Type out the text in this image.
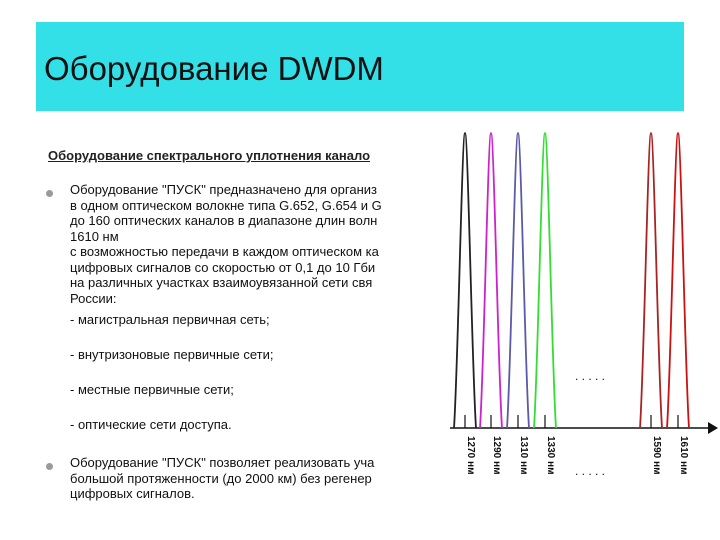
Оборудование DWDM
Оборудование спектрального уплотнения канало
Оборудование "ПУСК" предназначено для организ
в одном оптическом волокне типа G.652, G.654 и G
до 160 оптических каналов в диапазоне длин волн
1610 нм
с возможностью передачи в каждом оптическом ка
цифровых сигналов со скоростью от 0,1 до 10 Гби
на различных участках взаимоувязанной сети свя
России:
- магистральная первичная сеть;
- внутризоновые первичные сети;
- местные первичные сети;
- оптические сети доступа.
Оборудование "ПУСК" позволяет реализовать уча
большой протяженности (до 2000 км) без регенер
цифровых сигналов.
. . . . .
. . . . .
1270 нм 1290 нм 1310 нм 1330 нм	1590 нм 1610 нм
